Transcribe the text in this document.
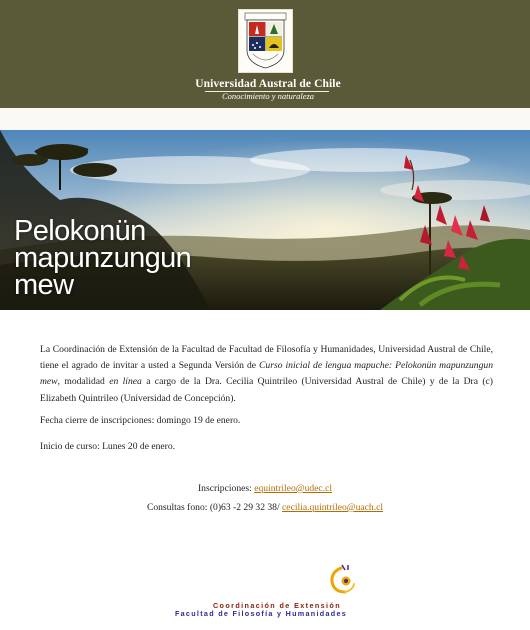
Universidad Austral de Chile
Conocimiento y naturaleza
Pelokonün
mapunzungun
mew
La Coordinación de Extensión de la Facultad de Facultad de Filosofía y Humanidades, Universidad Austral de Chile, tiene el agrado de invitar a usted a Segunda Versión de Curso inicial de lengua mapuche: Pelokonün mapunzungun mew, modalidad en línea a cargo de la Dra. Cecilia Quintrileo (Universidad Austral de Chile) y de la Dra (c) Elizabeth Quintrileo (Universidad de Concepción).
Fecha cierre de inscripciones: domingo 19 de enero.
Inicio de curso: Lunes 20 de enero.
Inscripciones: equintrileo@udec.cl
Consultas fono: (0)63 -2 29 32 38/ cecilia.quintrileo@uach.cl
Coordinación de Extensión
Facultad de Filosofía y Humanidades
